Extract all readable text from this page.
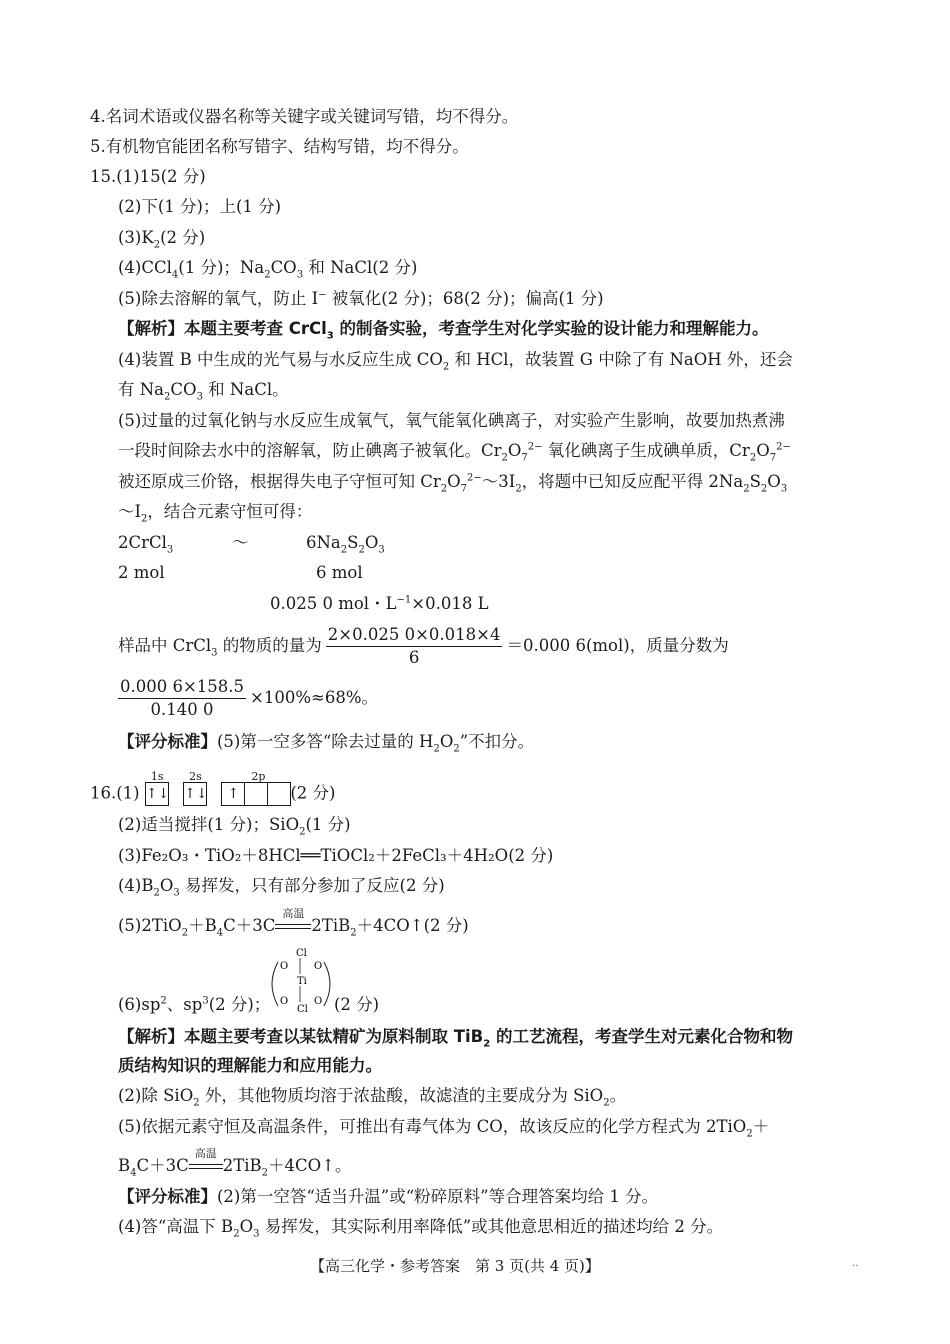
4.名词术语或仪器名称等关键字或关键词写错，均不得分。
5.有机物官能团名称写错字、结构写错，均不得分。
15.(1)15(2 分)
(2)下(1 分)；上(1 分)
$(3)K_2(2$ 分)
(4)CCl$_4$(1 分)；$Na_2CO_3$ 和 NaCl(2 分)
(5)除去溶解的氧气，防止 I− 被氧化(2 分)；68(2 分)；偏高(1 分)
【解析】本题主要考查 CrCl$_3$ 的制备实验，考查学生对化学实验的设计能力和理解能力。
(4)装置 B 中生成的光气易与水反应生成 $CO_2$ 和 HCl，故装置 G 中除了有 NaOH 外，还会
有 $Na_2CO_3$ 和 NaCl。
(5)过量的过氧化钠与水反应生成氧气，氧气能氧化碘离子，对实验产生影响，故要加热煮沸
一段时间除去水中的溶解氧，防止碘离子被氧化。$Cr_2O_7^{2-}$ 氧化碘离子生成碘单质，$Cr_2O_7^{2-}$
被还原成三价铬，根据得失电子守恒可知 $Cr_2O_7^{2-}\sim 3I_2$，将题中已知反应配平得 $2Na_2S_2O_3$
$\sim I_2$，结合元素守恒可得：
2CrCl$_3$	～	$6Na_2S_2O_3$
2 mol	6 mol
0.025 0 mol・$L^{-1}\times 0.018$ L
样品中 CrCl$_3$ 的物质的量为 $\frac{2\times 0.025 0\times 0.018\times 4}{6} =0.000$ 6(mol)，质量分数为
$\frac{0.000 6\times 158.5}{0.140 0} \times 100\%\approx 68\%$。
【评分标准】(5)第一空多答“除去过量的 $H_2O_2$”不扣分。
16.(1)
1s
↑↓
2s
↑↓
2p
↑	(2 分)
(2)适当搅拌(1 分)；SiO$_2$(1 分)
(3)Fe₂O₃・TiO₂＋8HCl══TiOCl₂＋2FeCl₃＋4H₂O(2 分)
$(4)B_2O_3$ 易挥发，只有部分参加了反应(2 分)
$(5)2TiO_2+B_4C+3C$
高温
2TiB$_2$＋4CO↑(2 分)
Cl
Ti
Cl
O	O
O	O
$(6)sp^2$、$sp^3(2$ 分)；	(2 分)
【解析】本题主要考查以某钛精矿为原料制取 TiB$_2$ 的工艺流程，考查学生对元素化合物和物
质结构知识的理解能力和应用能力。
(2)除 SiO$_2$ 外，其他物质均溶于浓盐酸，故滤渣的主要成分为 SiO$_2$。
(5)依据元素守恒及高温条件，可推出有毒气体为 CO，故该反应的化学方程式为 2TiO$_2$＋
$B_4C+3C$
高温
2TiB$_2$＋4CO↑。
【评分标准】(2)第一空答“适当升温”或“粉碎原料”等合理答案均给 1 分。
(4)答“高温下 $B_2O_3$ 易挥发，其实际利用率降低”或其他意思相近的描述均给 2 分。
【高三化学・参考答案　第 3 页(共 4 页)】	··
